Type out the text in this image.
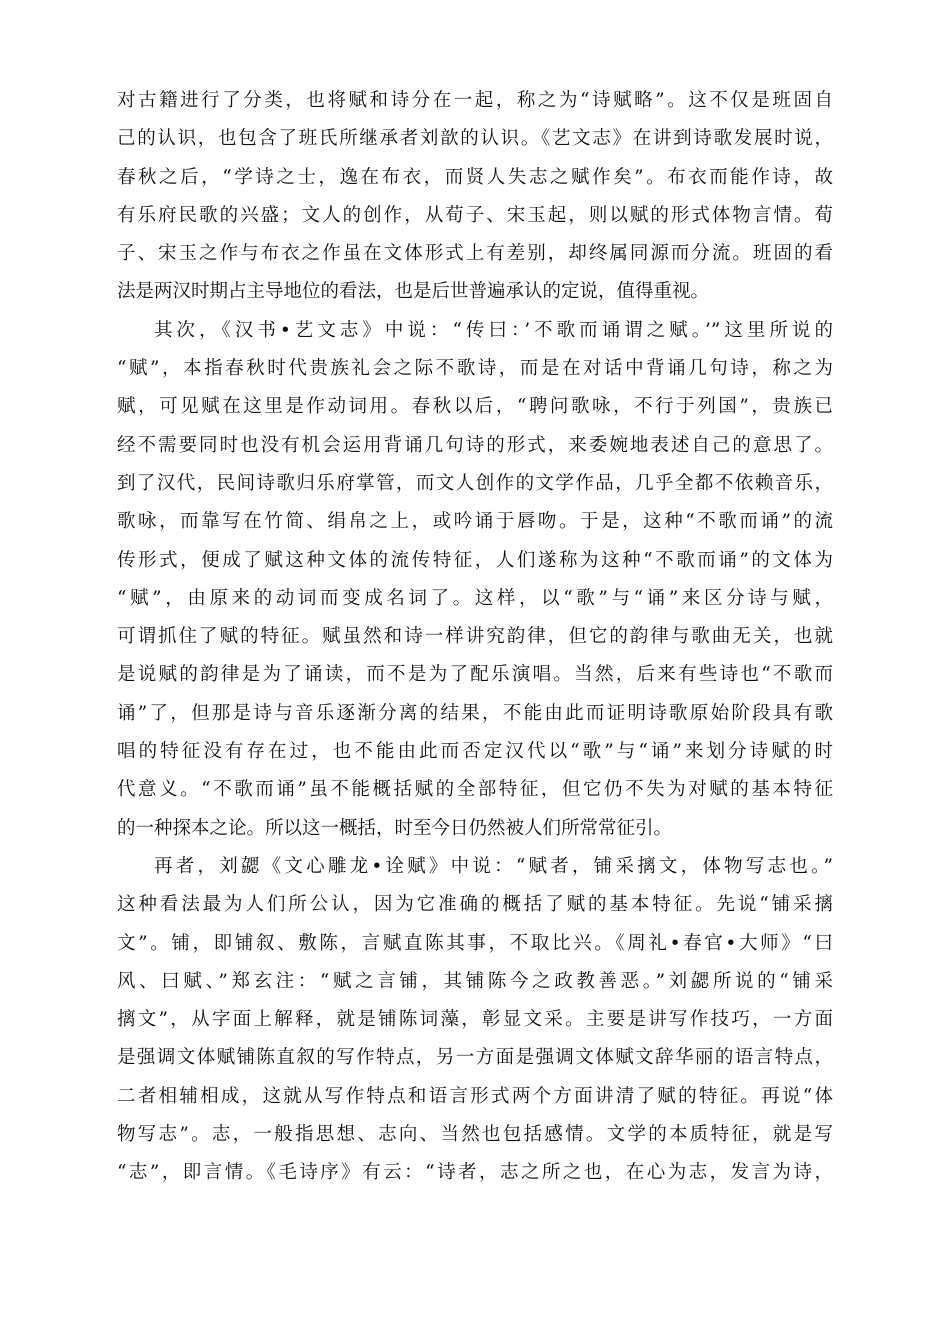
对古籍进行了分类，也将赋和诗分在一起，称之为“诗赋略”。这不仅是班固自
己的认识，也包含了班氏所继承者刘歆的认识。《艺文志》在讲到诗歌发展时说，
春秋之后，“学诗之士，逸在布衣，而贤人失志之赋作矣”。布衣而能作诗，故
有乐府民歌的兴盛；文人的创作，从荀子、宋玉起，则以赋的形式体物言情。荀
子、宋玉之作与布衣之作虽在文体形式上有差别，却终属同源而分流。班固的看
法是两汉时期占主导地位的看法，也是后世普遍承认的定说，值得重视。
其次，《汉书•艺文志》中说：“传曰：’不歌而诵谓之赋。’”这里所说的
“赋”，本指春秋时代贵族礼会之际不歌诗，而是在对话中背诵几句诗，称之为
赋，可见赋在这里是作动词用。春秋以后，“聘问歌咏，不行于列国”，贵族已
经不需要同时也没有机会运用背诵几句诗的形式，来委婉地表述自己的意思了。
到了汉代，民间诗歌归乐府掌管，而文人创作的文学作品，几乎全都不依赖音乐，
歌咏，而靠写在竹简、绢帛之上，或吟诵于唇吻。于是，这种“不歌而诵”的流
传形式，便成了赋这种文体的流传特征，人们遂称为这种“不歌而诵”的文体为
“赋”，由原来的动词而变成名词了。这样，以“歌”与“诵”来区分诗与赋，
可谓抓住了赋的特征。赋虽然和诗一样讲究韵律，但它的韵律与歌曲无关，也就
是说赋的韵律是为了诵读，而不是为了配乐演唱。当然，后来有些诗也“不歌而
诵”了，但那是诗与音乐逐渐分离的结果，不能由此而证明诗歌原始阶段具有歌
唱的特征没有存在过，也不能由此而否定汉代以“歌”与“诵”来划分诗赋的时
代意义。“不歌而诵”虽不能概括赋的全部特征，但它仍不失为对赋的基本特征
的一种探本之论。所以这一概括，时至今日仍然被人们所常常征引。
再者，刘勰《文心雕龙•诠赋》中说：“赋者，铺采摛文，体物写志也。”
这种看法最为人们所公认，因为它准确的概括了赋的基本特征。先说“铺采摛
文”。铺，即铺叙、敷陈，言赋直陈其事，不取比兴。《周礼•春官•大师》“曰
风、曰赋、”郑玄注：“赋之言铺，其铺陈今之政教善恶。”刘勰所说的“铺采
摛文”，从字面上解释，就是铺陈词藻，彰显文采。主要是讲写作技巧，一方面
是强调文体赋铺陈直叙的写作特点，另一方面是强调文体赋文辞华丽的语言特点，
二者相辅相成，这就从写作特点和语言形式两个方面讲清了赋的特征。再说“体
物写志”。志，一般指思想、志向、当然也包括感情。文学的本质特征，就是写
“志”，即言情。《毛诗序》有云：“诗者，志之所之也，在心为志，发言为诗，
